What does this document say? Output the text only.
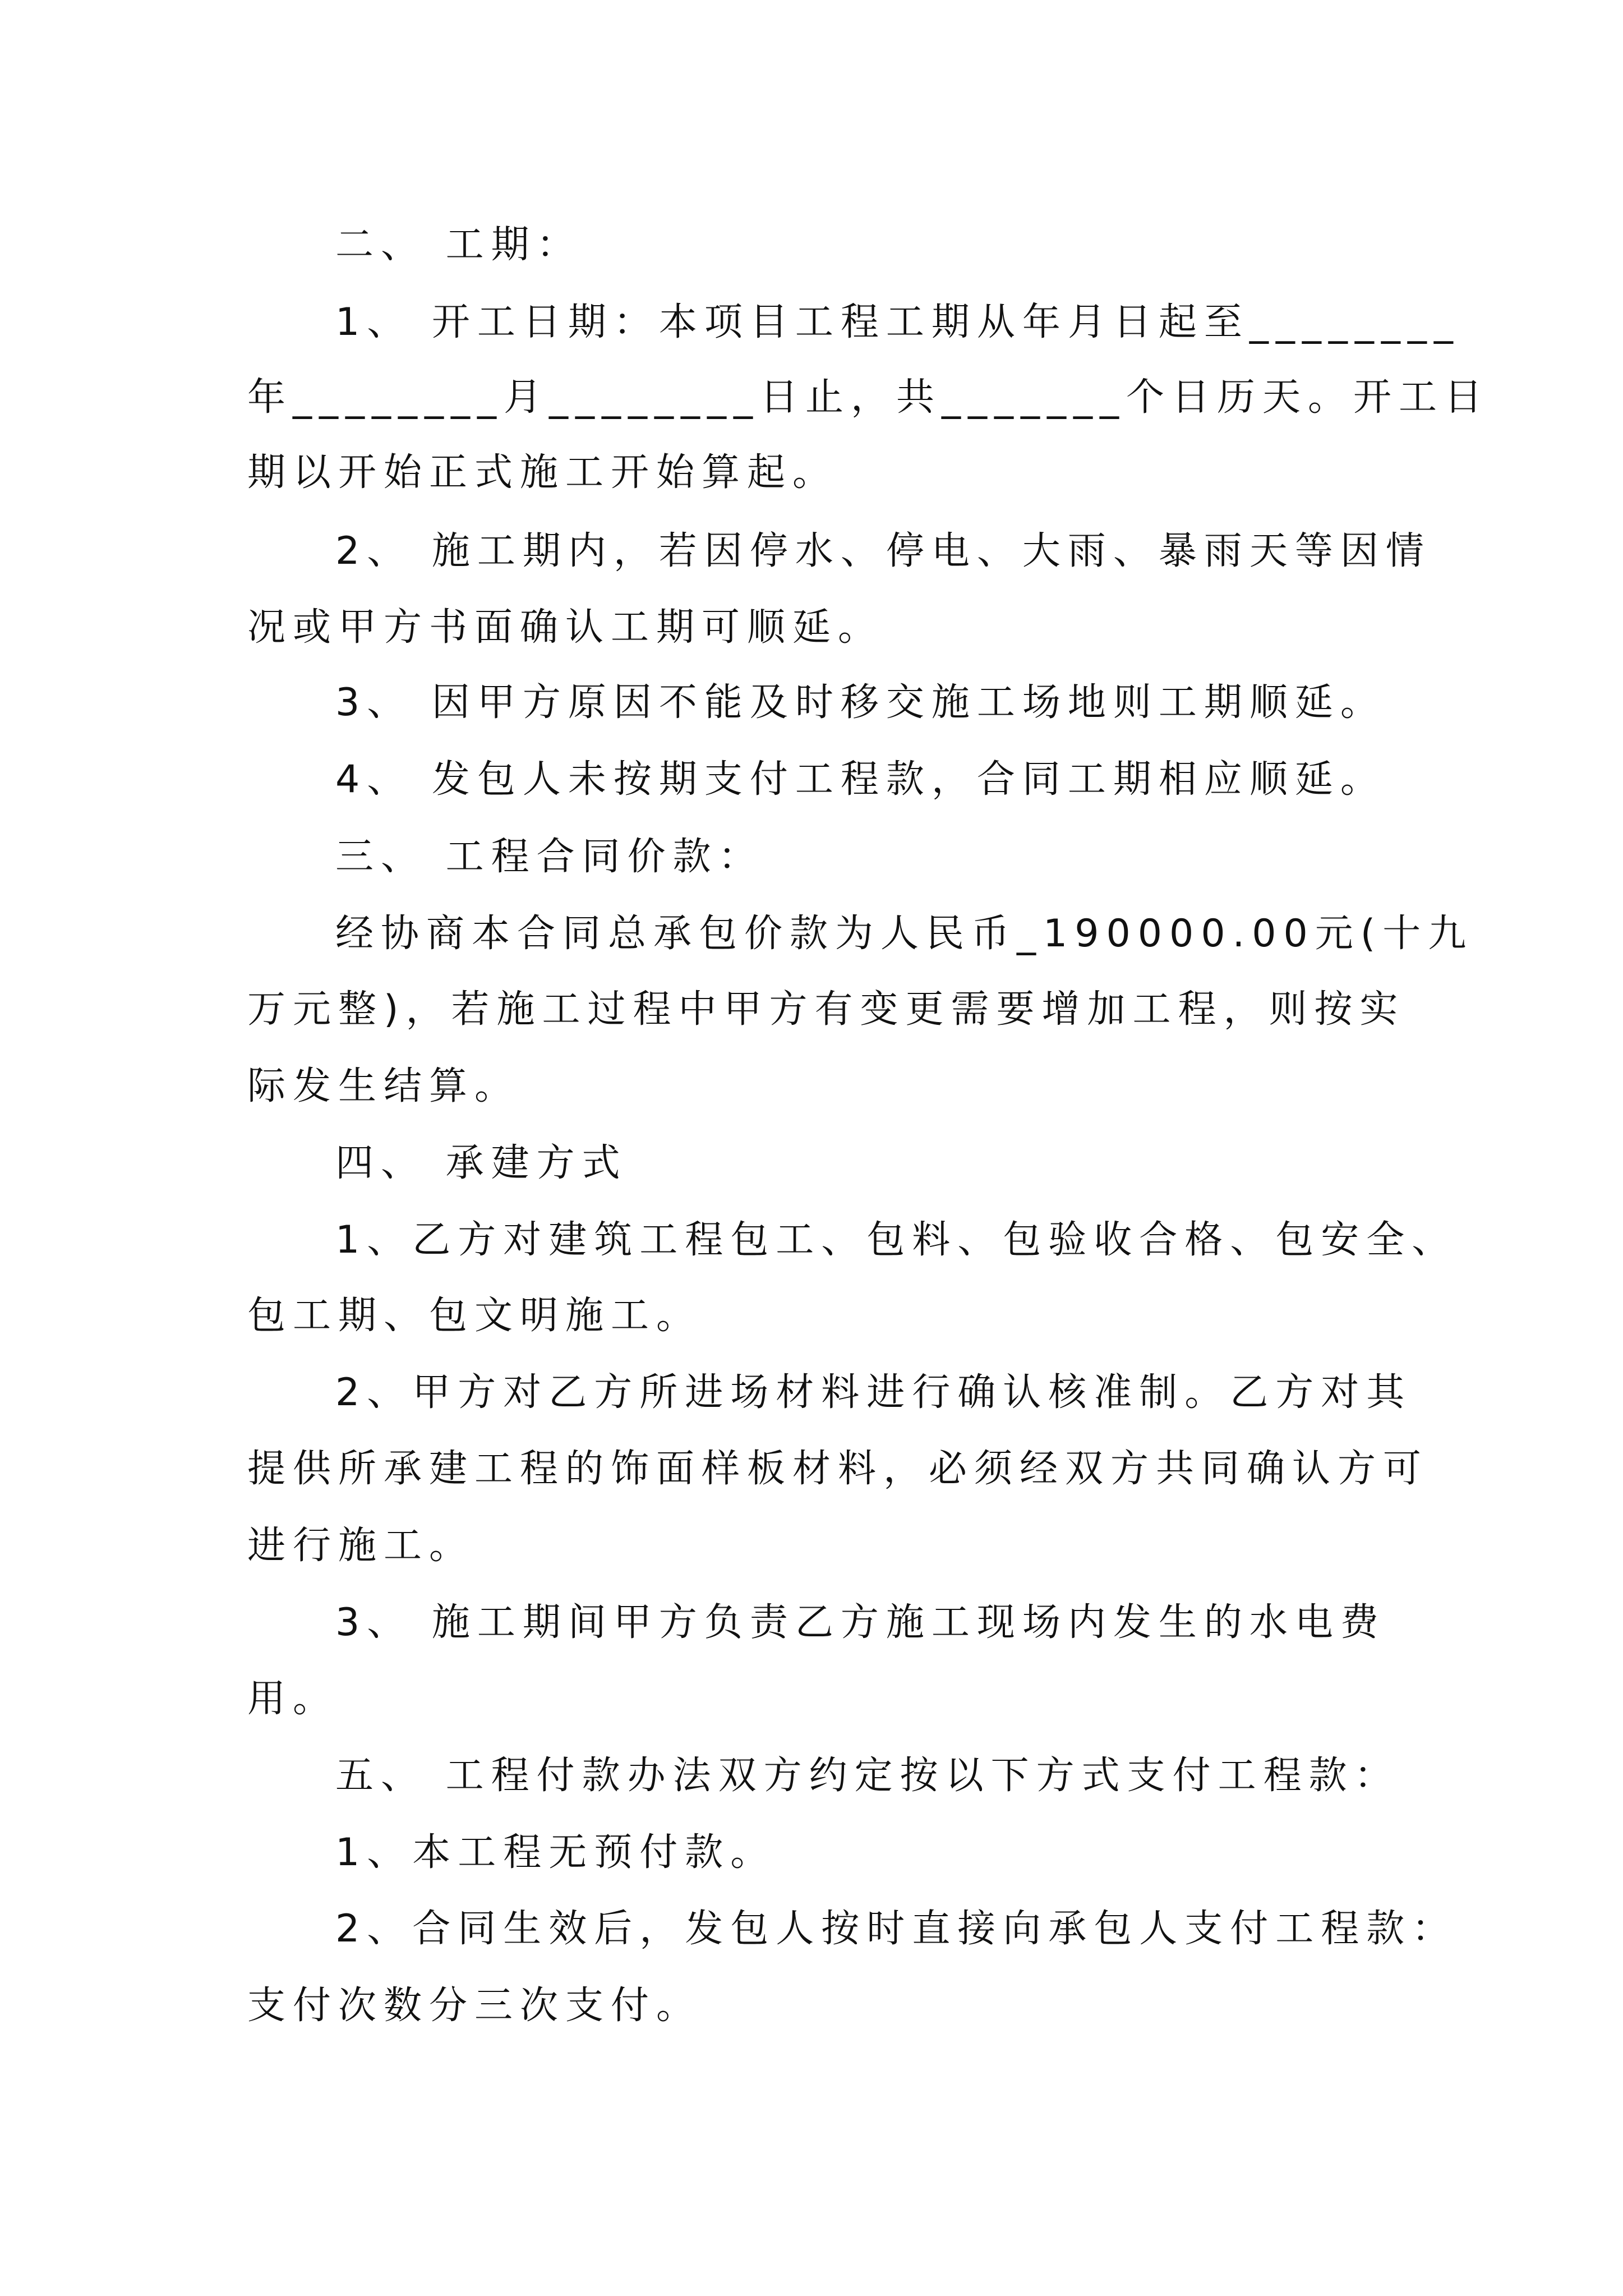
二、 工期：
1、 开工日期：本项目工程工期从年月日起至________
年________月________日止，共_______个日历天。开工日
期以开始正式施工开始算起。
2、 施工期内，若因停水、停电、大雨、暴雨天等因情
况或甲方书面确认工期可顺延。
3、 因甲方原因不能及时移交施工场地则工期顺延。
4、 发包人未按期支付工程款，合同工期相应顺延。
三、 工程合同价款：
经协商本合同总承包价款为人民币_190000.00元(十九
万元整)，若施工过程中甲方有变更需要增加工程，则按实
际发生结算。
四、 承建方式
1、乙方对建筑工程包工、包料、包验收合格、包安全、
包工期、包文明施工。
2、甲方对乙方所进场材料进行确认核准制。乙方对其
提供所承建工程的饰面样板材料，必须经双方共同确认方可
进行施工。
3、 施工期间甲方负责乙方施工现场内发生的水电费
用。
五、 工程付款办法双方约定按以下方式支付工程款：
1、本工程无预付款。
2、合同生效后，发包人按时直接向承包人支付工程款：
支付次数分三次支付。
